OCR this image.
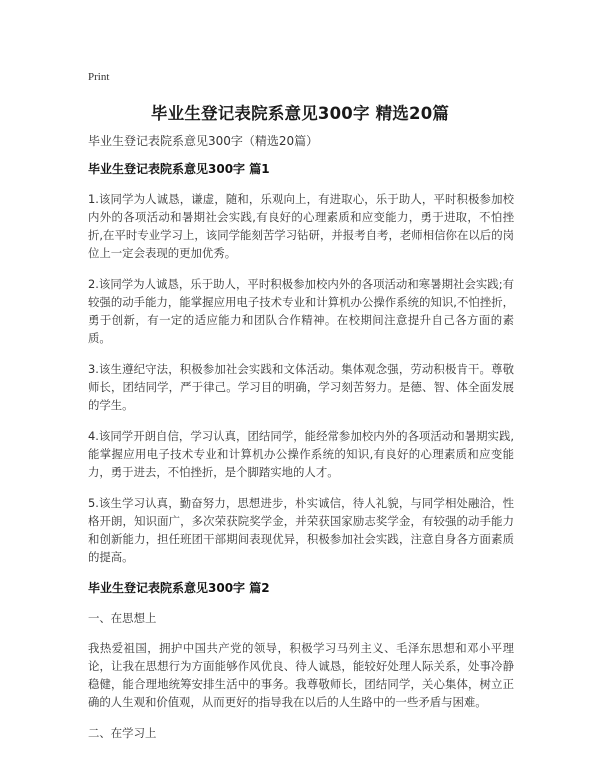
Print
毕业生登记表院系意见300字 精选20篇

毕业生登记表院系意见300字（精选20篇）

毕业生登记表院系意见300字 篇1

1.该同学为人诚恳，谦虚，随和，乐观向上，有进取心，乐于助人，平时积极参加校内外的各项活动和暑期社会实践,有良好的心理素质和应变能力，勇于进取，不怕挫折,在平时专业学习上，该同学能刻苦学习钻研，并报考自考，老师相信你在以后的岗位上一定会表现的更加优秀。

2.该同学为人诚恳，乐于助人，平时积极参加校内外的各项活动和寒暑期社会实践;有较强的动手能力，能掌握应用电子技术专业和计算机办公操作系统的知识,不怕挫折，勇于创新，有一定的适应能力和团队合作精神。在校期间注意提升自己各方面的素质。

3.该生遵纪守法，积极参加社会实践和文体活动。集体观念强，劳动积极肯干。尊敬师长，团结同学，严于律己。学习目的明确，学习刻苦努力。是德、智、体全面发展的学生。

4.该同学开朗自信，学习认真，团结同学，能经常参加校内外的各项活动和暑期实践,能掌握应用电子技术专业和计算机办公操作系统的知识,有良好的心理素质和应变能力，勇于进去，不怕挫折，是个脚踏实地的人才。

5.该生学习认真，勤奋努力，思想进步，朴实诚信，待人礼貌，与同学相处融洽，性格开朗，知识面广，多次荣获院奖学金，并荣获国家励志奖学金，有较强的动手能力和创新能力，担任班团干部期间表现优异，积极参加社会实践，注意自身各方面素质的提高。

毕业生登记表院系意见300字 篇2

一、在思想上

我热爱祖国，拥护中国共产党的领导，积极学习马列主义、毛泽东思想和邓小平理论，让我在思想行为方面能够作风优良、待人诚恳，能较好处理人际关系，处事冷静稳健，能合理地统筹安排生活中的事务。我尊敬师长，团结同学，关心集体，树立正确的人生观和价值观，从而更好的指导我在以后的人生路中的一些矛盾与困难。

二、在学习上
